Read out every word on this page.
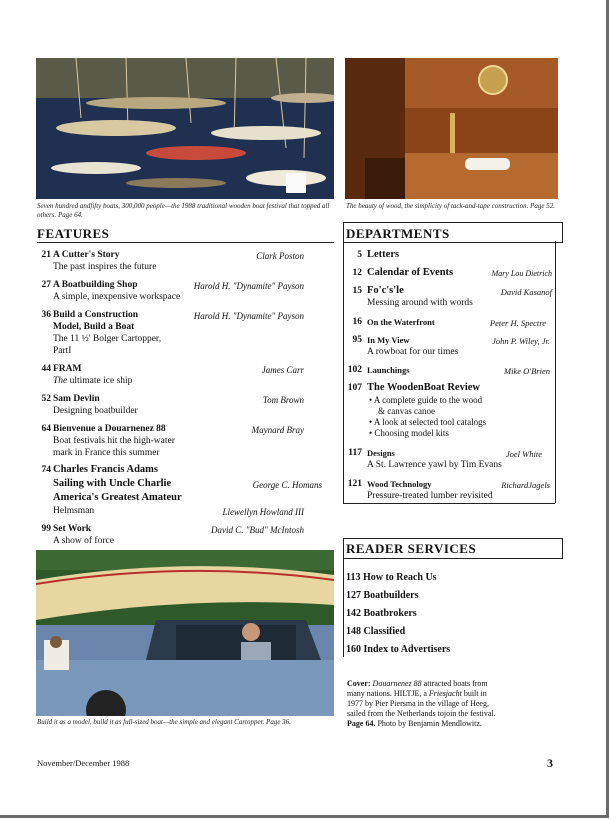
Seven hundred andfifty boats, 300,000 people—the 1988 traditional wooden boat festival that topped all others. Page 64.
The beauty of wood, the simplicity of tack-and-tape construction. Page 52.
FEATURES
21 A Cutter's Story	Clark Poston
The past inspires the future
27 A Boatbuilding Shop	Harold H. "Dynamite" Payson
A simple, inexpensive workspace
36 Build a Construction	Harold H. "Dynamite" Payson
Model, Build a Boat
The 11 ½' Bolger Cartopper,
PartI
44 FRAM	James Carr
The ultimate ice ship
52 Sam Devlin	Tom Brown
Designing boatbuilder
64 Bienvenue a Douarnenez 88	Maynard Bray
Boat festivals hit the high-water
mark in France this summer
74 Charles Francis Adams
Sailing with Uncle Charlie	George C. Homans
America's Greatest Amateur
Helmsman	Llewellyn Howland III
99 Set Work	David C. "Bud" McIntosh
A show of force
DEPARTMENTS
5 Letters
12 Calendar of Events	Mary Lou Dietrich
15 Fo'c's'le	David Kasanof
Messing around with words
16 On the Waterfront	Peter H. Spectre
95 In My View	John P. Wiley, Jr.
A rowboat for our times
102 Launchings	Mike O'Brien
107 The WoodenBoat Review
• A complete guide to the wood
& canvas canoe
• A look at selected tool catalogs
• Choosing model kits
117 Designs	Joel White
A St. Lawrence yawl by Tim Evans
121 Wood Technology	RichardJagels
Pressure-treated lumber revisited
Build it as a model, build it as full-sized boat—the simple and elegant Cartopper. Page 36.
READER SERVICES
113 How to Reach Us
127 Boatbuilders
142 Boatbrokers
148 Classified
160 Index to Advertisers
Cover: Douarnenez 88 attracted boats from
many nations. HILTJE, a Friesjacht built in
1977 by Pier Piersma in the village of Heeg,
sailed from the Netherlands tojoin the festival.
Page 64. Photo by Benjamin Mendlowitz.
November/December 1988	3
